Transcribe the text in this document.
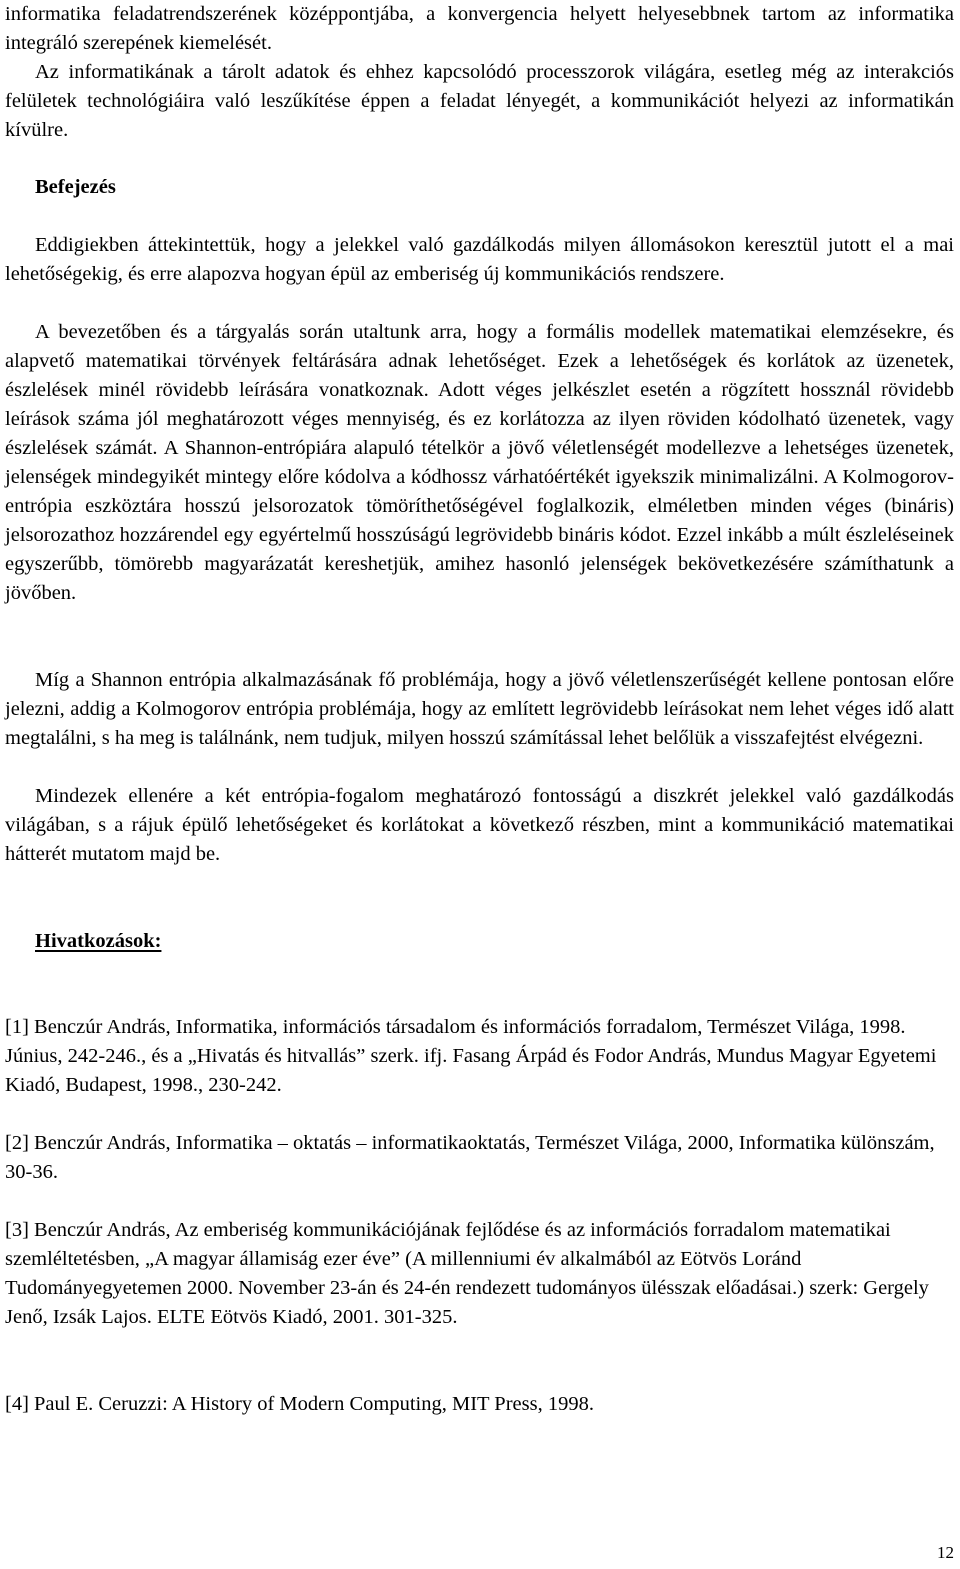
informatika feladatrendszerének középpontjába, a konvergencia helyett helyesebbnek tartom az informatika integráló szerepének kiemelését.

Az informatikának a tárolt adatok és ehhez kapcsolódó processzorok világára, esetleg még az interakciós felületek technológiáira való leszűkítése éppen a feladat lényegét, a kommunikációt helyezi az informatikán kívülre.

Befejezés

Eddigiekben áttekintettük, hogy a jelekkel való gazdálkodás milyen állomásokon keresztül jutott el a mai lehetőségekig, és erre alapozva hogyan épül az emberiség új kommunikációs rendszere.

A bevezetőben és a tárgyalás során utaltunk arra, hogy a formális modellek matematikai elemzésekre, és alapvető matematikai törvények feltárására adnak lehetőséget. Ezek a lehetőségek és korlátok az üzenetek, észlelések minél rövidebb leírására vonatkoznak. Adott véges jelkészlet esetén a rögzített hossznál rövidebb leírások száma jól meghatározott véges mennyiség, és ez korlátozza az ilyen röviden kódolható üzenetek, vagy észlelések számát. A Shannon-entrópiára alapuló tételkör a jövő véletlenségét modellezve a lehetséges üzenetek, jelenségek mindegyikét mintegy előre kódolva a kódhossz várhatóértékét igyekszik minimalizálni. A Kolmogorov-entrópia eszköztára hosszú jelsorozatok tömöríthetőségével foglalkozik, elméletben minden véges (bináris) jelsorozathoz hozzárendel egy egyértelmű hosszúságú legrövidebb bináris kódot. Ezzel inkább a múlt észleléseinek egyszerűbb, tömörebb magyarázatát kereshetjük, amihez hasonló jelenségek bekövetkezésére számíthatunk a jövőben.

Míg a Shannon entrópia alkalmazásának fő problémája, hogy a jövő véletlenszerűségét kellene pontosan előre jelezni, addig a Kolmogorov entrópia problémája, hogy az említett legrövidebb leírásokat nem lehet véges idő alatt megtalálni, s ha meg is találnánk, nem tudjuk, milyen hosszú számítással lehet belőlük a visszafejtést elvégezni.

Mindezek ellenére a két entrópia-fogalom meghatározó fontosságú a diszkrét jelekkel való gazdálkodás világában, s a rájuk épülő lehetőségeket és korlátokat a következő részben, mint a kommunikáció matematikai hátterét mutatom majd be.

Hivatkozások:

[1] Benczúr András, Informatika, információs társadalom és információs forradalom, Természet Világa, 1998. Június, 242-246., és a „Hivatás és hitvallás” szerk. ifj. Fasang Árpád és Fodor András, Mundus Magyar Egyetemi Kiadó, Budapest, 1998., 230-242.

[2] Benczúr András, Informatika – oktatás – informatikaoktatás, Természet Világa, 2000, Informatika különszám, 30-36.

[3] Benczúr András, Az emberiség kommunikációjának fejlődése és az információs forradalom matematikai szemléltetésben, „A magyar államiság ezer éve” (A millenniumi év alkalmából az Eötvös Loránd Tudományegyetemen 2000. November 23-án és 24-én rendezett tudományos ülésszak előadásai.) szerk: Gergely Jenő, Izsák Lajos. ELTE Eötvös Kiadó, 2001. 301-325.

[4] Paul E. Ceruzzi: A History of Modern Computing, MIT Press, 1998.

12
